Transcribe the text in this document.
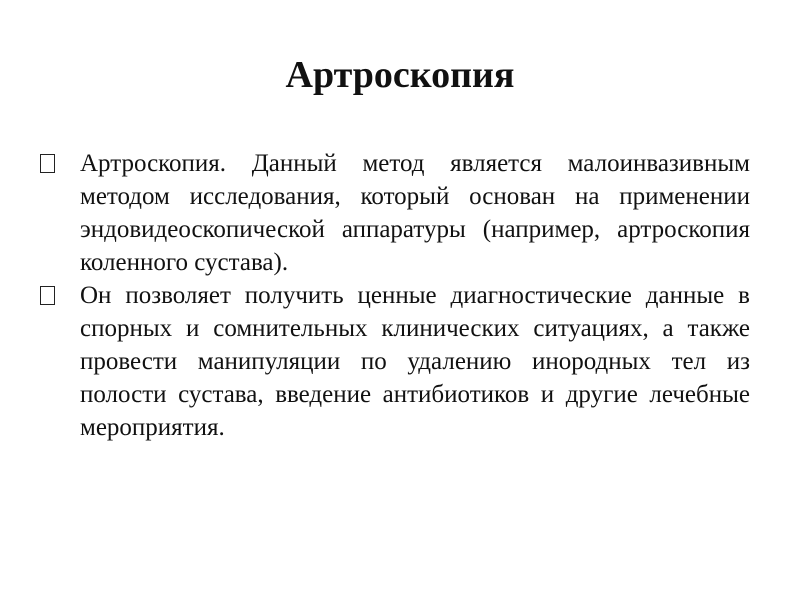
Артроскопия
Артроскопия. Данный метод является малоинвазивным методом исследования, который основан на применении эндовидеоскопической аппаратуры (например, артроскопия коленного сустава).
Он позволяет получить ценные диагностические данные в спорных и сомнительных клинических ситуациях, а также провести манипуляции по удалению инородных тел из полости сустава, введение антибиотиков и другие лечебные мероприятия.
